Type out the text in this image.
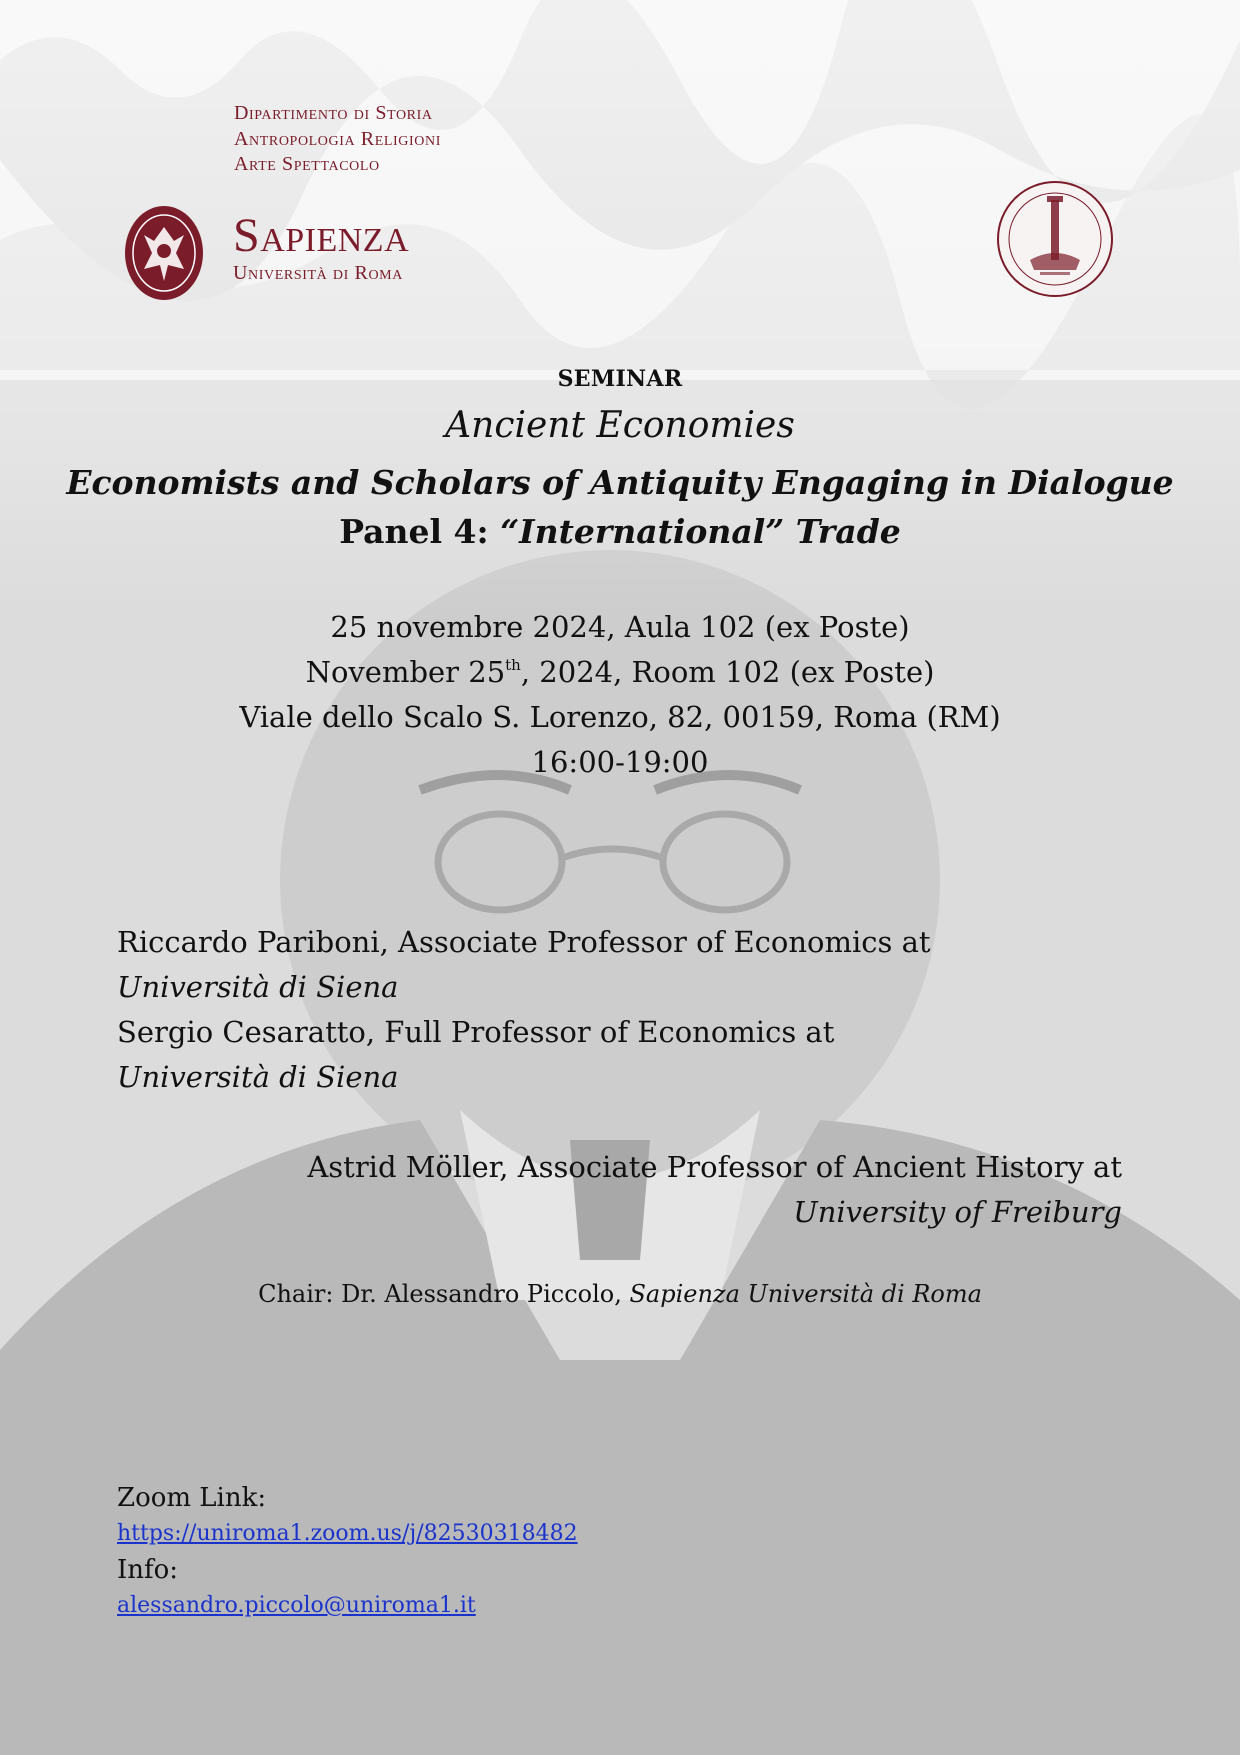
Dipartimento di Storia
Antropologia Religioni
Arte Spettacolo
Sapienza
Università di Roma
SEMINAR
Ancient Economies
Economists and Scholars of Antiquity Engaging in Dialogue
Panel 4: “International” Trade
25 novembre 2024, Aula 102 (ex Poste)
November 25th, 2024, Room 102 (ex Poste)
Viale dello Scalo S. Lorenzo, 82, 00159, Roma (RM)
16:00-19:00
Riccardo Pariboni, Associate Professor of Economics at
Università di Siena
Sergio Cesaratto, Full Professor of Economics at
Università di Siena
Astrid Möller, Associate Professor of Ancient History at
University of Freiburg
Chair: Dr. Alessandro Piccolo, Sapienza Università di Roma
Zoom Link:
https://uniroma1.zoom.us/j/82530318482
Info:
alessandro.piccolo@uniroma1.it
